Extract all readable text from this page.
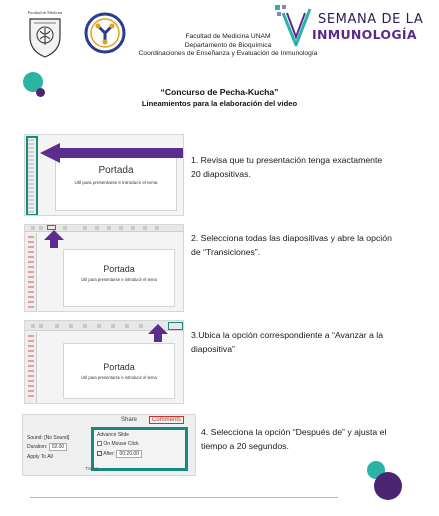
Facultad de Medicina
Facultad de Medicina UNAM
Departamento de Bioquímica
Coordinaciones de Enseñanza y Evaluación de Inmunología
SEMANA DE LA
INMUNOLOGÍA
“Concurso de Pecha-Kucha”
Lineamientos para la elaboración del video
Portada
Útil para presentarse e introducir el tema
1. Revisa que tu presentación tenga exactamente 20 diapositivas.
Portada
Útil para presentarse e introducir el tema
2. Selecciona todas las diapositivas y abre la opción de “Transiciones”.
Portada
Útil para presentarse e introducir el tema
3.Ubica la opción correspondiente a “Avanzar a la diapositiva”
Share	Comments
Sound: [No Sound]
Duration: 02.00
Apply To All
Advance Slide
On Mouse Click
✓ After: 00:20.00
Timing
4. Selecciona la opción “Después de” y ajusta el tiempo a 20 segundos.
